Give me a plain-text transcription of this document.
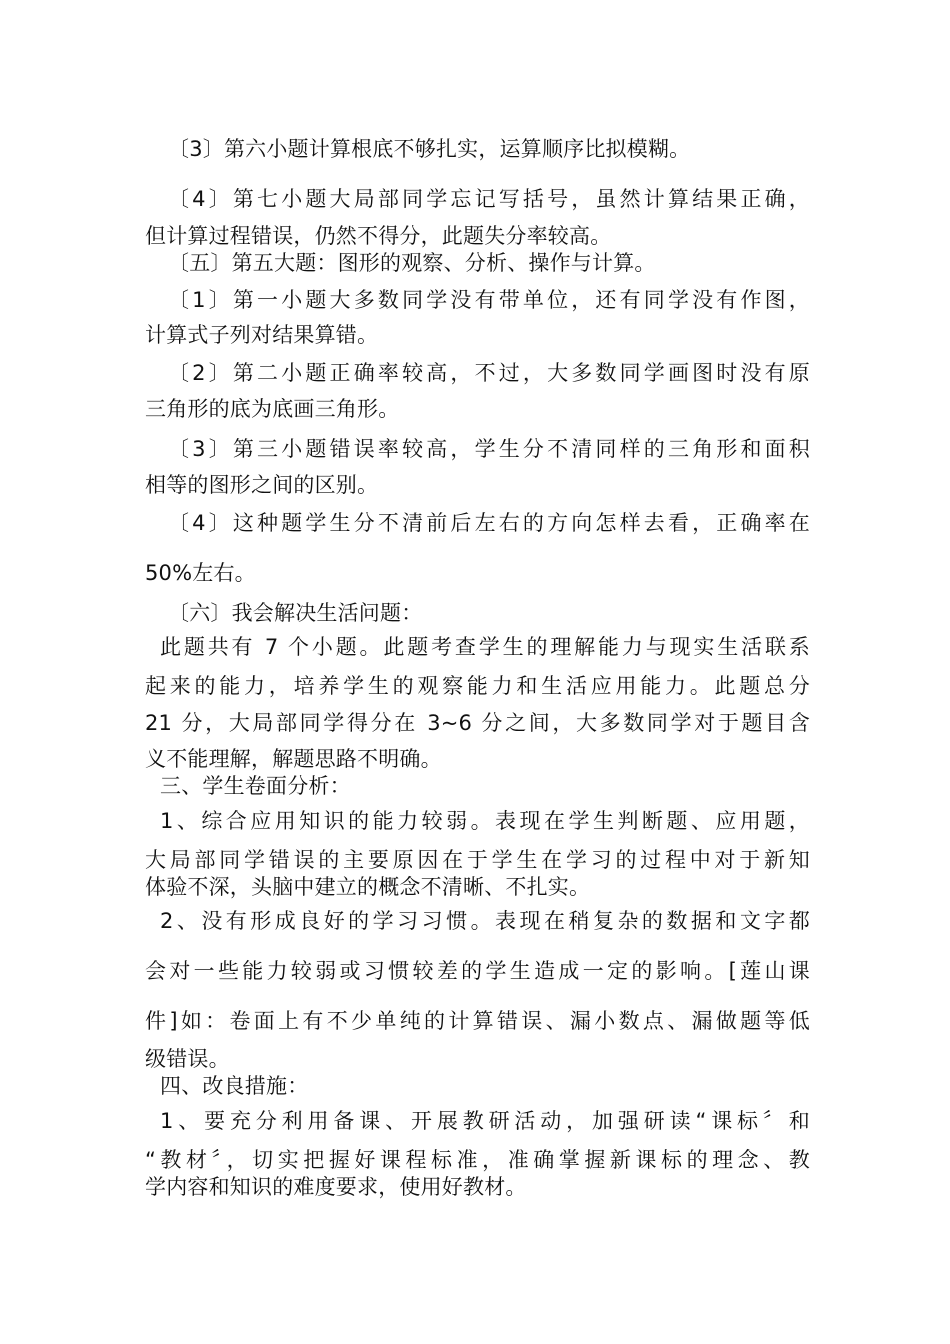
〔3〕第六小题计算根底不够扎实，运算顺序比拟模糊。
〔4〕第七小题大局部同学忘记写括号，虽然计算结果正确，
但计算过程错误，仍然不得分，此题失分率较高。
〔五〕第五大题：图形的观察、分析、操作与计算。
〔1〕第一小题大多数同学没有带单位，还有同学没有作图，
计算式子列对结果算错。
〔2〕第二小题正确率较高，不过，大多数同学画图时没有原
三角形的底为底画三角形。
〔3〕第三小题错误率较高，学生分不清同样的三角形和面积
相等的图形之间的区别。
〔4〕这种题学生分不清前后左右的方向怎样去看，正确率在
50%左右。
〔六〕我会解决生活问题：
此题共有 7 个小题。此题考查学生的理解能力与现实生活联系
起来的能力，培养学生的观察能力和生活应用能力。此题总分
21 分，大局部同学得分在 3~6 分之间，大多数同学对于题目含
义不能理解，解题思路不明确。
三、学生卷面分析：
1、综合应用知识的能力较弱。表现在学生判断题、应用题，
大局部同学错误的主要原因在于学生在学习的过程中对于新知
体验不深，头脑中建立的概念不清晰、不扎实。
2、没有形成良好的学习习惯。表现在稍复杂的数据和文字都
会对一些能力较弱或习惯较差的学生造成一定的影响。[莲山课
件]如：卷面上有不少单纯的计算错误、漏小数点、漏做题等低
级错误。
四、改良措施：
1、要充分利用备课、开展教研活动，加强研读“课标〞和
“教材〞，切实把握好课程标准，准确掌握新课标的理念、教
学内容和知识的难度要求，使用好教材。
